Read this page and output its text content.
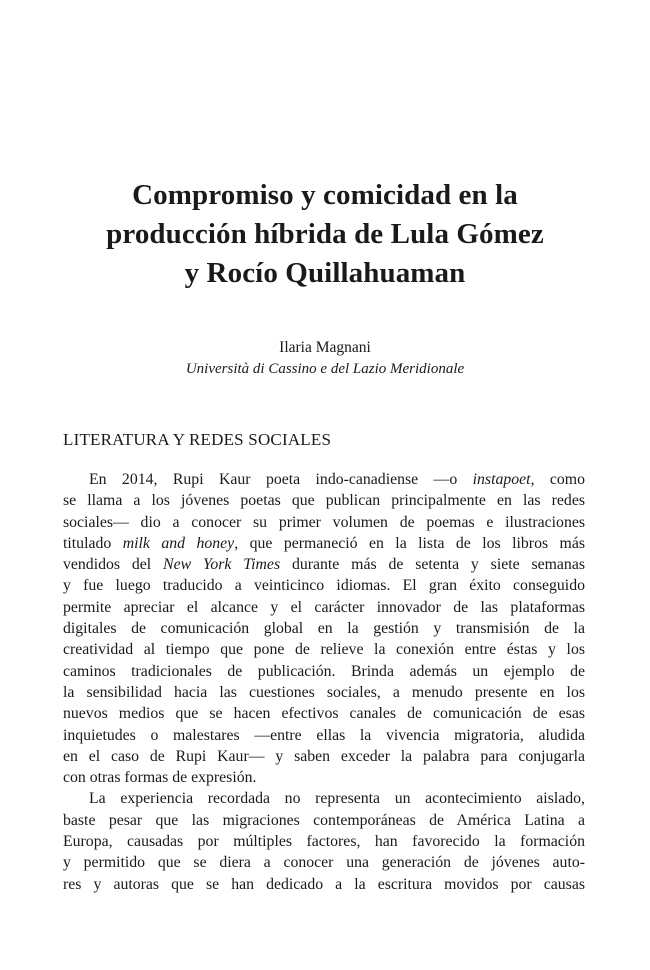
Compromiso y comicidad en la
producción híbrida de Lula Gómez
y Rocío Quillahuaman
Ilaria Magnani
Università di Cassino e del Lazio Meridionale
LITERATURA Y REDES SOCIALES
En 2014, Rupi Kaur poeta indo-canadiense —o instapoet, como
se llama a los jóvenes poetas que publican principalmente en las redes
sociales— dio a conocer su primer volumen de poemas e ilustraciones
titulado milk and honey, que permaneció en la lista de los libros más
vendidos del New York Times durante más de setenta y siete semanas
y fue luego traducido a veinticinco idiomas. El gran éxito conseguido
permite apreciar el alcance y el carácter innovador de las plataformas
digitales de comunicación global en la gestión y transmisión de la
creatividad al tiempo que pone de relieve la conexión entre éstas y los
caminos tradicionales de publicación. Brinda además un ejemplo de
la sensibilidad hacia las cuestiones sociales, a menudo presente en los
nuevos medios que se hacen efectivos canales de comunicación de esas
inquietudes o malestares —entre ellas la vivencia migratoria, aludida
en el caso de Rupi Kaur— y saben exceder la palabra para conjugarla
con otras formas de expresión.
La experiencia recordada no representa un acontecimiento aislado,
baste pesar que las migraciones contemporáneas de América Latina a
Europa, causadas por múltiples factores, han favorecido la formación
y permitido que se diera a conocer una generación de jóvenes auto-
res y autoras que se han dedicado a la escritura movidos por causas
